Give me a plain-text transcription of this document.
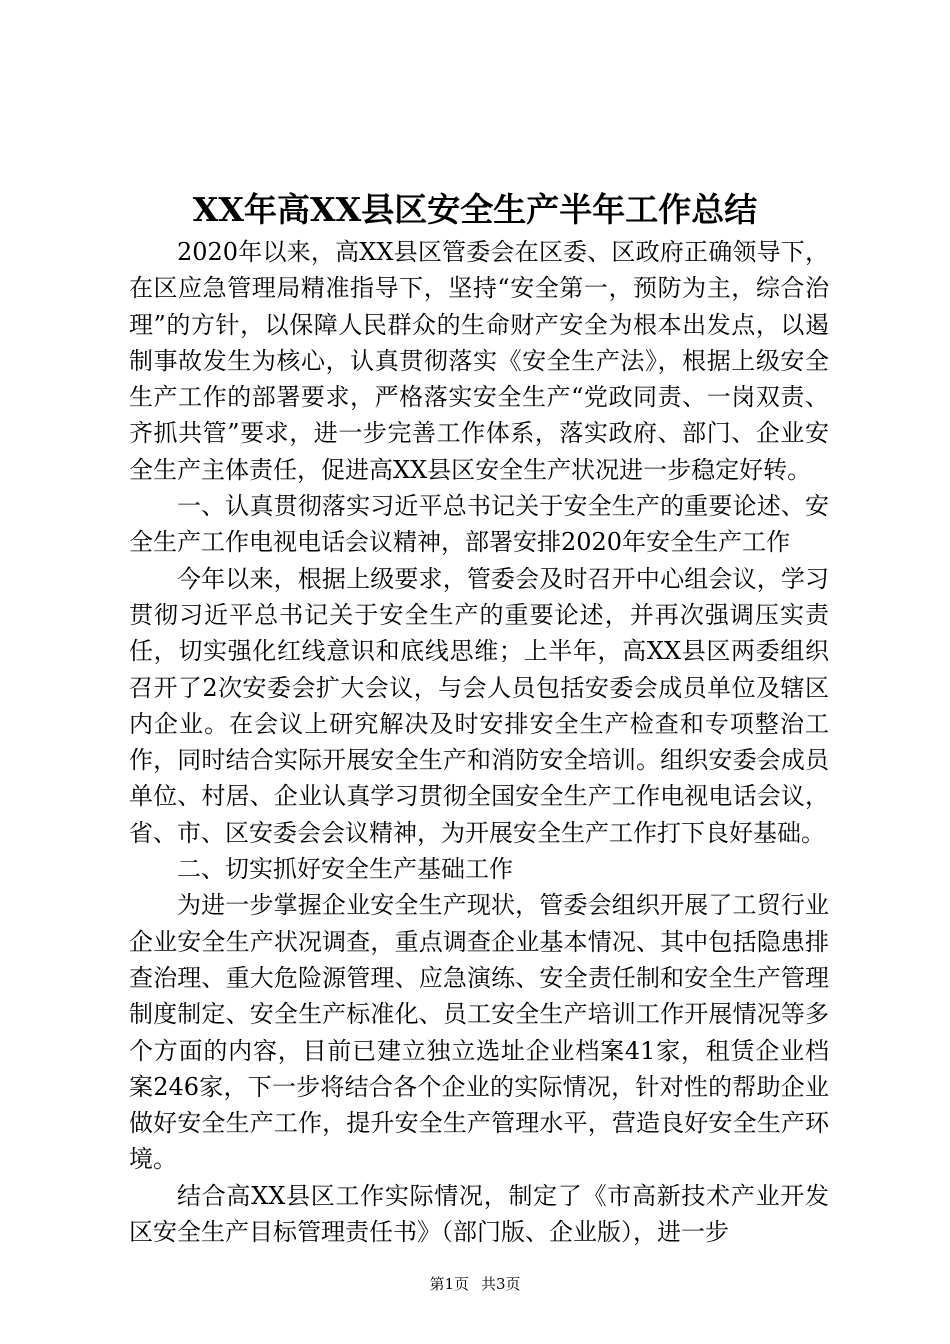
XX年高XX县区安全生产半年工作总结

2020年以来，高XX县区管委会在区委、区政府正确领导下，在区应急管理局精准指导下，坚持“安全第一，预防为主，综合治理”的方针，以保障人民群众的生命财产安全为根本出发点，以遏制事故发生为核心，认真贯彻落实《安全生产法》，根据上级安全生产工作的部署要求，严格落实安全生产“党政同责、一岗双责、齐抓共管”要求，进一步完善工作体系，落实政府、部门、企业安全生产主体责任，促进高XX县区安全生产状况进一步稳定好转。

一、认真贯彻落实习近平总书记关于安全生产的重要论述、安全生产工作电视电话会议精神，部署安排2020年安全生产工作

今年以来，根据上级要求，管委会及时召开中心组会议，学习贯彻习近平总书记关于安全生产的重要论述，并再次强调压实责任，切实强化红线意识和底线思维；上半年，高XX县区两委组织召开了2次安委会扩大会议，与会人员包括安委会成员单位及辖区内企业。在会议上研究解决及时安排安全生产检查和专项整治工作，同时结合实际开展安全生产和消防安全培训。组织安委会成员单位、村居、企业认真学习贯彻全国安全生产工作电视电话会议，省、市、区安委会会议精神，为开展安全生产工作打下良好基础。

二、切实抓好安全生产基础工作

为进一步掌握企业安全生产现状，管委会组织开展了工贸行业企业安全生产状况调查，重点调查企业基本情况、其中包括隐患排查治理、重大危险源管理、应急演练、安全责任制和安全生产管理制度制定、安全生产标准化、员工安全生产培训工作开展情况等多个方面的内容，目前已建立独立选址企业档案41家，租赁企业档案246家，下一步将结合各个企业的实际情况，针对性的帮助企业做好安全生产工作，提升安全生产管理水平，营造良好安全生产环境。

结合高XX县区工作实际情况，制定了《市高新技术产业开发区安全生产目标管理责任书》（部门版、企业版），进一步

第1页 共3页
